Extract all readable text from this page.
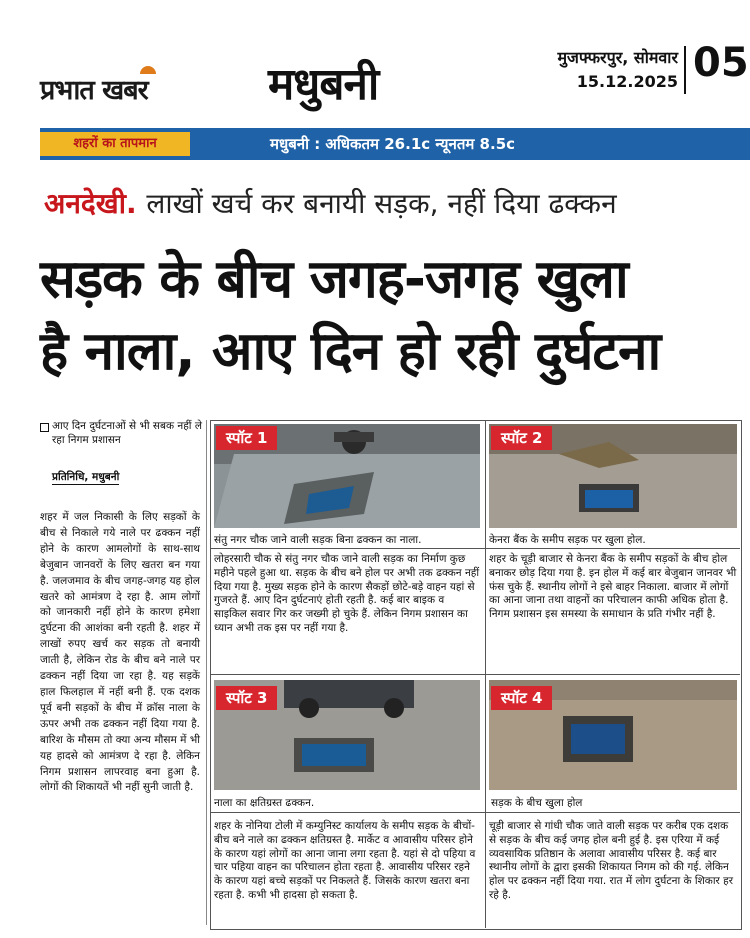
प्रभात खबर	मधुबनी
मुजफ्फरपुर, सोमवार
15.12.2025 05
शहरों का तापमान	मधुबनी : अधिकतम 26.1c न्यूनतम 8.5c
अनदेखी. लाखों खर्च कर बनायी सड़क, नहीं दिया ढक्कन
सड़क के बीच जगह-जगह खुला
है नाला, आए दिन हो रही दुर्घटना
आए दिन दुर्घटनाओं से भी सबक नहीं ले रहा निगम प्रशासन
प्रतिनिधि, मधुबनी
शहर में जल निकासी के लिए सड़कों के बीच से निकाले गये नाले पर ढक्कन नहीं होने के कारण आमलोगों के साथ-साथ बेजुबान जानवरों के लिए खतरा बन गया है. जलजमाव के बीच जगह-जगह यह होल खतरे को आमंत्रण दे रहा है. आम लोगों को जानकारी नहीं होने के कारण हमेशा दुर्घटना की आशंका बनी रहती है. शहर में लाखों रुपए खर्च कर सड़क तो बनायी जाती है, लेकिन रोड के बीच बने नाले पर ढक्कन नहीं दिया जा रहा है. यह सड़कें हाल फिलहाल में नहीं बनी हैं. एक दशक पूर्व बनी सड़कों के बीच में क्रॉस नाला के ऊपर अभी तक ढक्कन नहीं दिया गया है. बारिश के मौसम तो क्या अन्य मौसम में भी यह हादसे को आमंत्रण दे रहा है. लेकिन निगम प्रशासन लापरवाह बना हुआ है. लोगों की शिकायतें भी नहीं सुनी जाती है.
स्पॉट 1
संतु नगर चौक जाने वाली सड़क बिना ढक्कन का नाला.
लोहरसारी चौक से संतु नगर चौक जाने वाली सड़क का निर्माण कुछ महीने पहले हुआ था. सड़क के बीच बने होल पर अभी तक ढक्कन नहीं दिया गया है. मुख्य सड़क होने के कारण सैकड़ों छोटे-बड़े वाहन यहां से गुजरते हैं. आए दिन दुर्घटनाएं होती रहती है. कई बार बाइक व साइकिल सवार गिर कर जख्मी हो चुके हैं. लेकिन निगम प्रशासन का ध्यान अभी तक इस पर नहीं गया है.
स्पॉट 2
केनरा बैंक के समीप सड़क पर खुला होल.
शहर के चूड़ी बाजार से केनरा बैंक के समीप सड़कों के बीच होल बनाकर छोड़ दिया गया है. इन होल में कई बार बेजुबान जानवर भी फंस चुके हैं. स्थानीय लोगों ने इसे बाहर निकाला. बाजार में लोगों का आना जाना तथा वाहनों का परिचालन काफी अधिक होता है. निगम प्रशासन इस समस्या के समाधान के प्रति गंभीर नहीं है.
स्पॉट 3
नाला का क्षतिग्रस्त ढक्कन.
शहर के नोनिया टोली में कम्युनिस्ट कार्यालय के समीप सड़क के बीचों-बीच बने नाले का ढक्कन क्षतिग्रस्त है. मार्केट व आवासीय परिसर होने के कारण यहां लोगों का आना जाना लगा रहता है. यहां से दो पहिया व चार पहिया वाहन का परिचालन होता रहता है. आवासीय परिसर रहने के कारण यहां बच्चे सड़कों पर निकलते हैं. जिसके कारण खतरा बना रहता है. कभी भी हादसा हो सकता है.
स्पॉट 4
सड़क के बीच खुला होल
चूड़ी बाजार से गांधी चौक जाते वाली सड़क पर करीब एक दशक से सड़क के बीच कई जगह होल बनी हुई है. इस एरिया में कई व्यवसायिक प्रतिष्ठान के अलावा आवासीय परिसर है. कई बार स्थानीय लोगों के द्वारा इसकी शिकायत निगम को की गई. लेकिन होल पर ढक्कन नहीं दिया गया. रात में लोग दुर्घटना के शिकार हर रहे है.
